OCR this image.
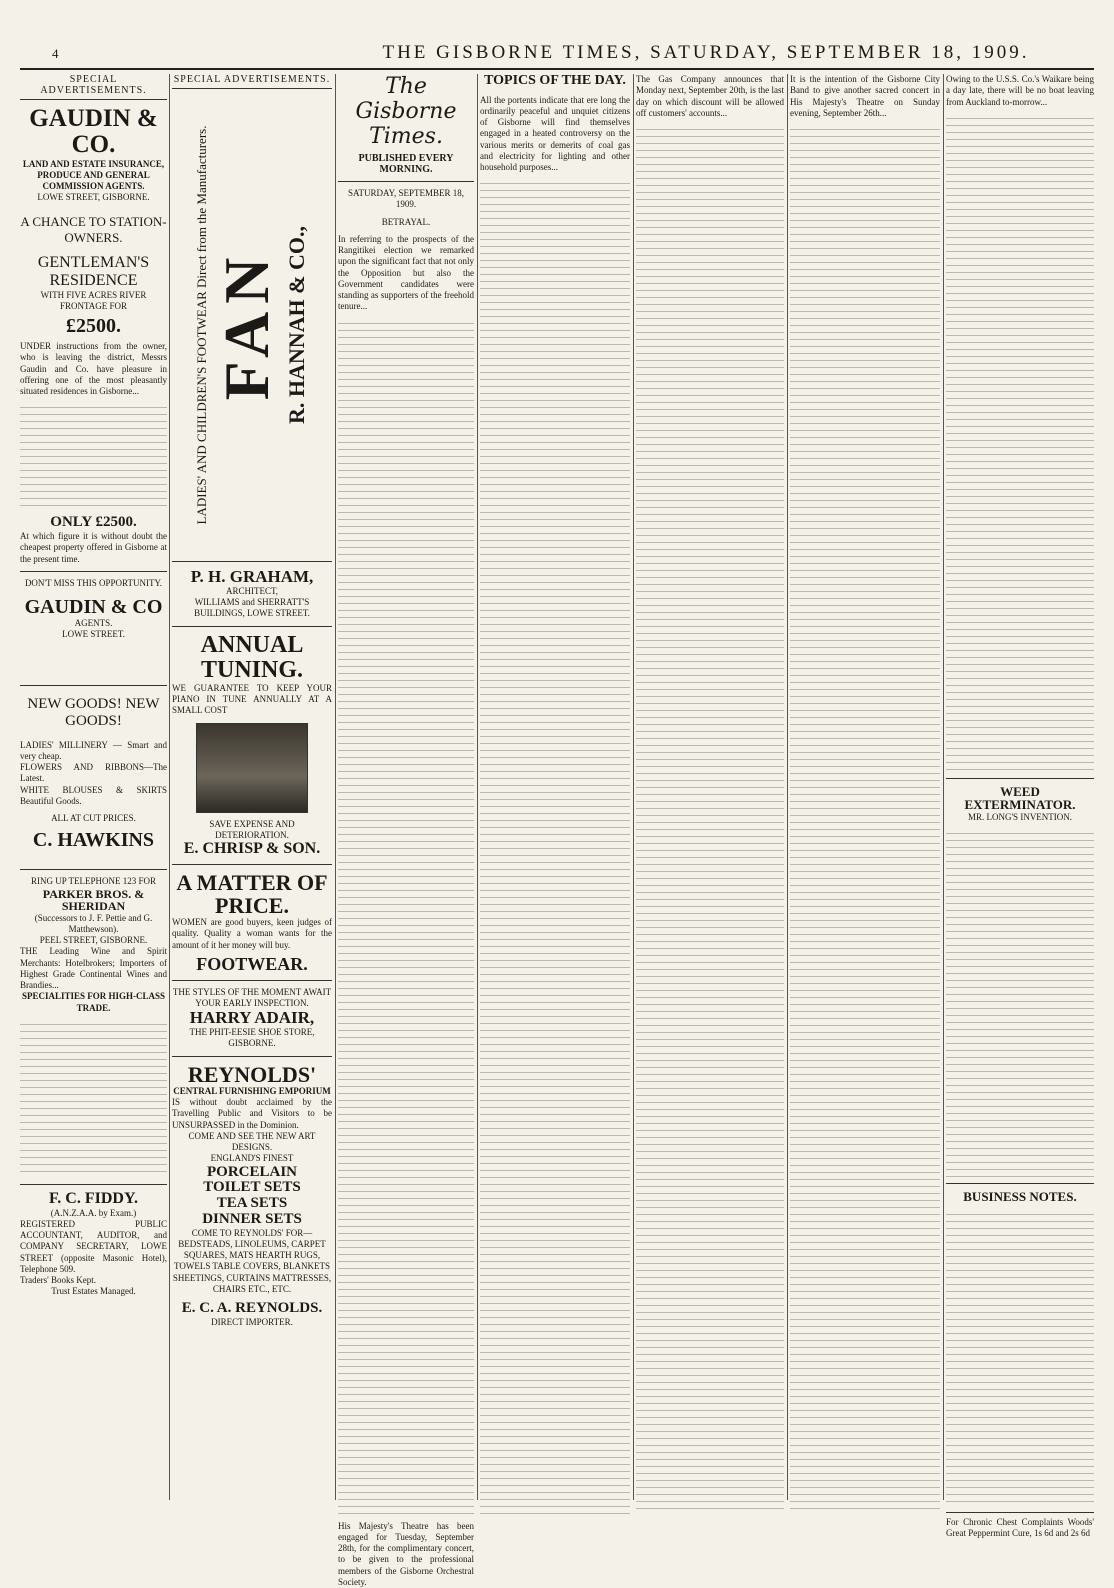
4	THE GISBORNE TIMES, SATURDAY, SEPTEMBER 18, 1909.
SPECIAL ADVERTISEMENTS.
GAUDIN & CO.
LAND AND ESTATE INSURANCE, PRODUCE AND GENERAL COMMISSION AGENTS.
LOWE STREET, GISBORNE.
A CHANCE TO STATION-OWNERS.
GENTLEMAN'S RESIDENCE
WITH FIVE ACRES RIVER FRONTAGE FOR
£2500.
UNDER instructions from the owner, who is leaving the district, Messrs Gaudin and Co. have pleasure in offering one of the most pleasantly situated residences in Gisborne...
ONLY £2500.
At which figure it is without doubt the cheapest property offered in Gisborne at the present time.
DON'T MISS THIS OPPORTUNITY.
GAUDIN & CO
AGENTS.
LOWE STREET.
NEW GOODS! NEW GOODS!
LADIES' MILLINERY — Smart and very cheap.
FLOWERS AND RIBBONS—The Latest.
WHITE BLOUSES & SKIRTS Beautiful Goods.
ALL AT CUT PRICES.
C. HAWKINS
RING UP TELEPHONE 123 FOR
PARKER BROS. & SHERIDAN
(Successors to J. F. Pettie and G. Matthewson).
PEEL STREET, GISBORNE.
THE Leading Wine and Spirit Merchants: Hotelbrokers; Importers of Highest Grade Continental Wines and Brandies...
SPECIALITIES FOR HIGH-CLASS TRADE.
F. C. FIDDY.
(A.N.Z.A.A. by Exam.)
REGISTERED PUBLIC ACCOUNTANT, AUDITOR, and COMPANY SECRETARY, LOWE STREET (opposite Masonic Hotel), Telephone 509.
Traders' Books Kept.
Trust Estates Managed.
SPECIAL ADVERTISEMENTS.
LADIES' AND CHILDREN'S FOOTWEAR Direct from the Manufacturers. FAN R. HANNAH & CO.,
P. H. GRAHAM,
ARCHITECT,
WILLIAMS and SHERRATT'S BUILDINGS, LOWE STREET.
ANNUAL TUNING.
WE GUARANTEE TO KEEP YOUR PIANO IN TUNE ANNUALLY AT A SMALL COST
SAVE EXPENSE AND DETERIORATION.
E. CHRISP & SON.
A MATTER OF PRICE.
WOMEN are good buyers, keen judges of quality. Quality a woman wants for the amount of it her money will buy.
FOOTWEAR.
THE STYLES OF THE MOMENT AWAIT YOUR EARLY INSPECTION.
HARRY ADAIR,
THE PHIT-EESIE SHOE STORE, GISBORNE.
REYNOLDS'
CENTRAL FURNISHING EMPORIUM
IS without doubt acclaimed by the Travelling Public and Visitors to be UNSURPASSED in the Dominion.
COME AND SEE THE NEW ART DESIGNS.
ENGLAND'S FINEST
PORCELAIN
TOILET SETS
TEA SETS
DINNER SETS
COME TO REYNOLDS' FOR—
BEDSTEADS, LINOLEUMS, CARPET SQUARES, MATS HEARTH RUGS, TOWELS TABLE COVERS, BLANKETS SHEETINGS, CURTAINS MATTRESSES, CHAIRS ETC., ETC.
E. C. A. REYNOLDS.
DIRECT IMPORTER.
The Gisborne Times.
PUBLISHED EVERY MORNING.
SATURDAY, SEPTEMBER 18, 1909.
BETRAYAL.
In referring to the prospects of the Rangitikei election we remarked upon the significant fact that not only the Opposition but also the Government candidates were standing as supporters of the freehold tenure...
His Majesty's Theatre has been engaged for Tuesday, September 28th, for the complimentary concert, to be given to the professional members of the Gisborne Orchestral Society.
TOPICS OF THE DAY.
All the portents indicate that ere long the ordinarily peaceful and unquiet citizens of Gisborne will find themselves engaged in a heated controversy on the various merits or demerits of coal gas and electricity for lighting and other household purposes...
The Gas Company announces that Monday next, September 20th, is the last day on which discount will be allowed off customers' accounts...
It is the intention of the Gisborne City Band to give another sacred concert in His Majesty's Theatre on Sunday evening, September 26th...
Owing to the U.S.S. Co.'s Waikare being a day late, there will be no boat leaving from Auckland to-morrow...
WEED EXTERMINATOR.
MR. LONG'S INVENTION.
BUSINESS NOTES.
For Chronic Chest Complaints Woods' Great Peppermint Cure, 1s 6d and 2s 6d
